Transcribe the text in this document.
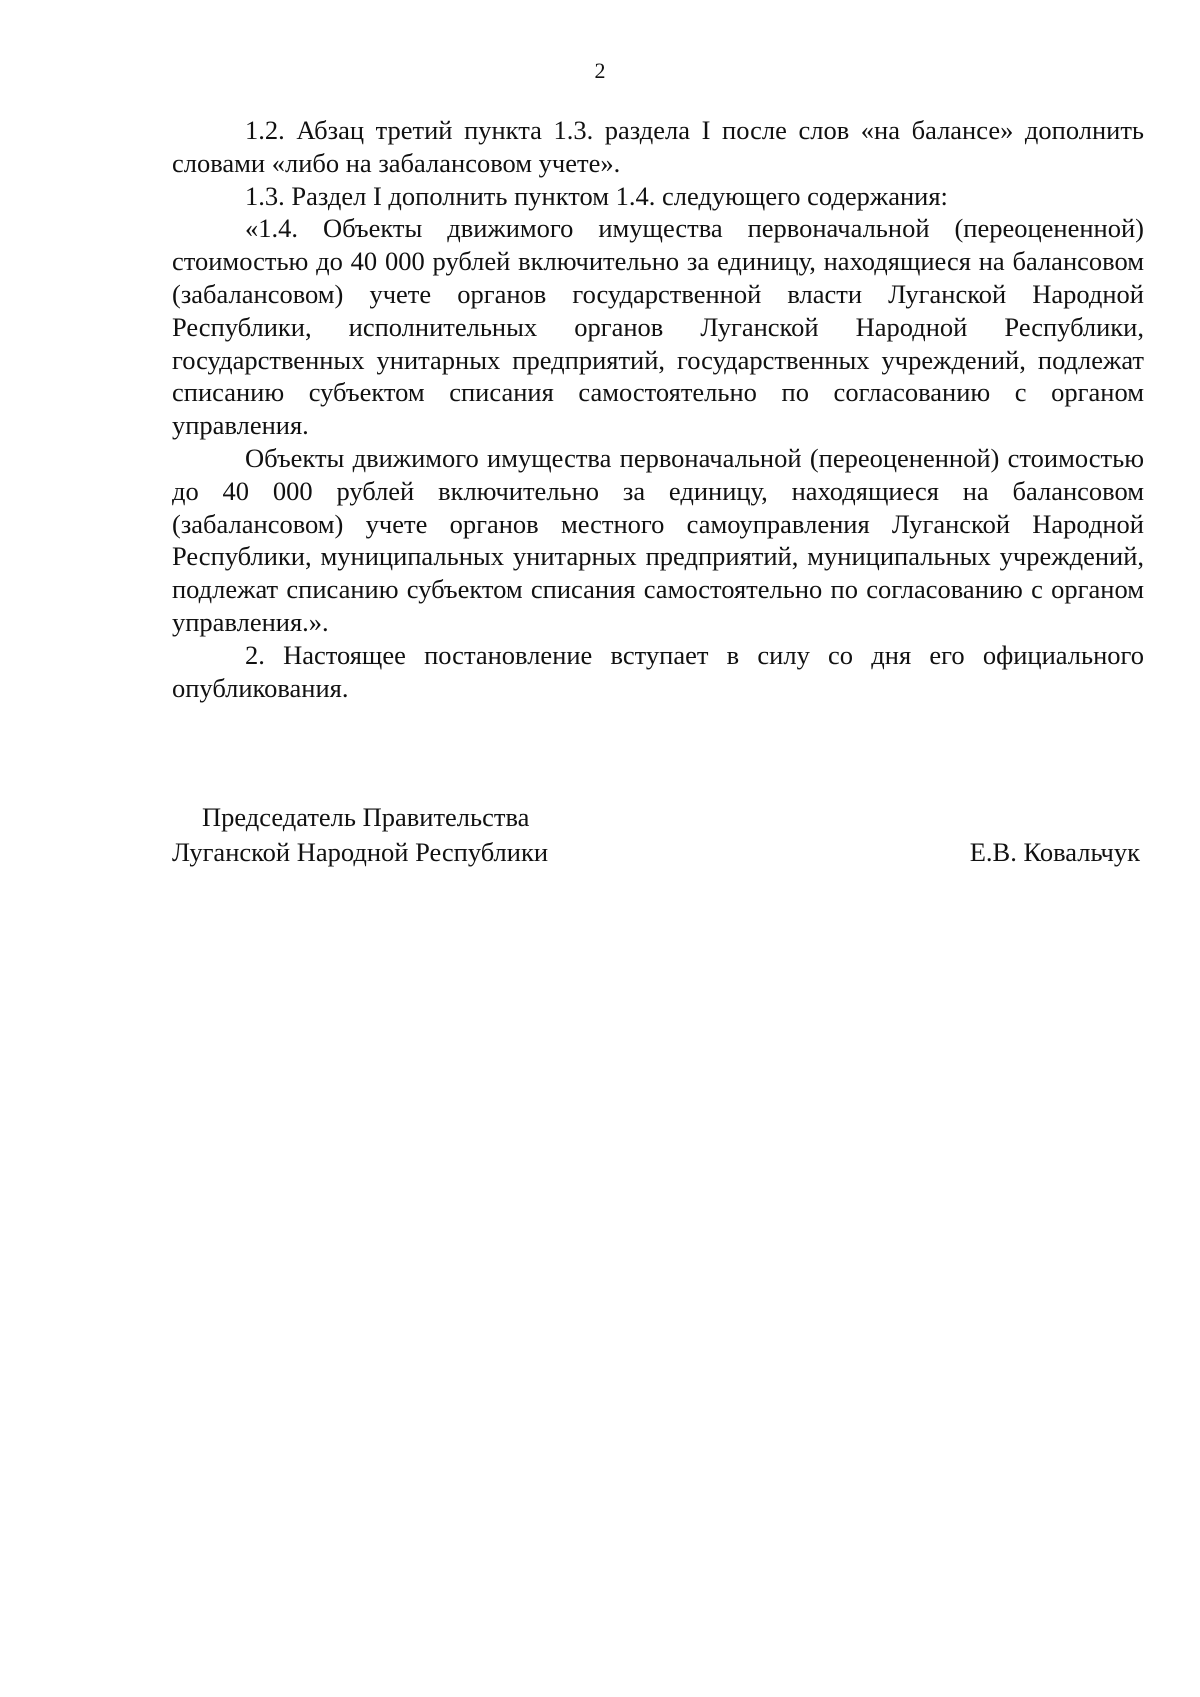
2

1.2. Абзац третий пункта 1.3. раздела I после слов «на балансе» дополнить словами «либо на забалансовом учете».

1.3. Раздел I дополнить пунктом 1.4. следующего содержания:

«1.4. Объекты движимого имущества первоначальной (переоцененной) стоимостью до 40 000 рублей включительно за единицу, находящиеся на балансовом (забалансовом) учете органов государственной власти Луганской Народной Республики, исполнительных органов Луганской Народной Республики, государственных унитарных предприятий, государственных учреждений, подлежат списанию субъектом списания самостоятельно по согласованию с органом управления.

Объекты движимого имущества первоначальной (переоцененной) стоимостью до 40 000 рублей включительно за единицу, находящиеся на балансовом (забалансовом) учете органов местного самоуправления Луганской Народной Республики, муниципальных унитарных предприятий, муниципальных учреждений, подлежат списанию субъектом списания самостоятельно по согласованию с органом управления.».

2. Настоящее постановление вступает в силу со дня его официального опубликования.

Председатель Правительства
Луганской Народной Республики	Е.В. Ковальчук
